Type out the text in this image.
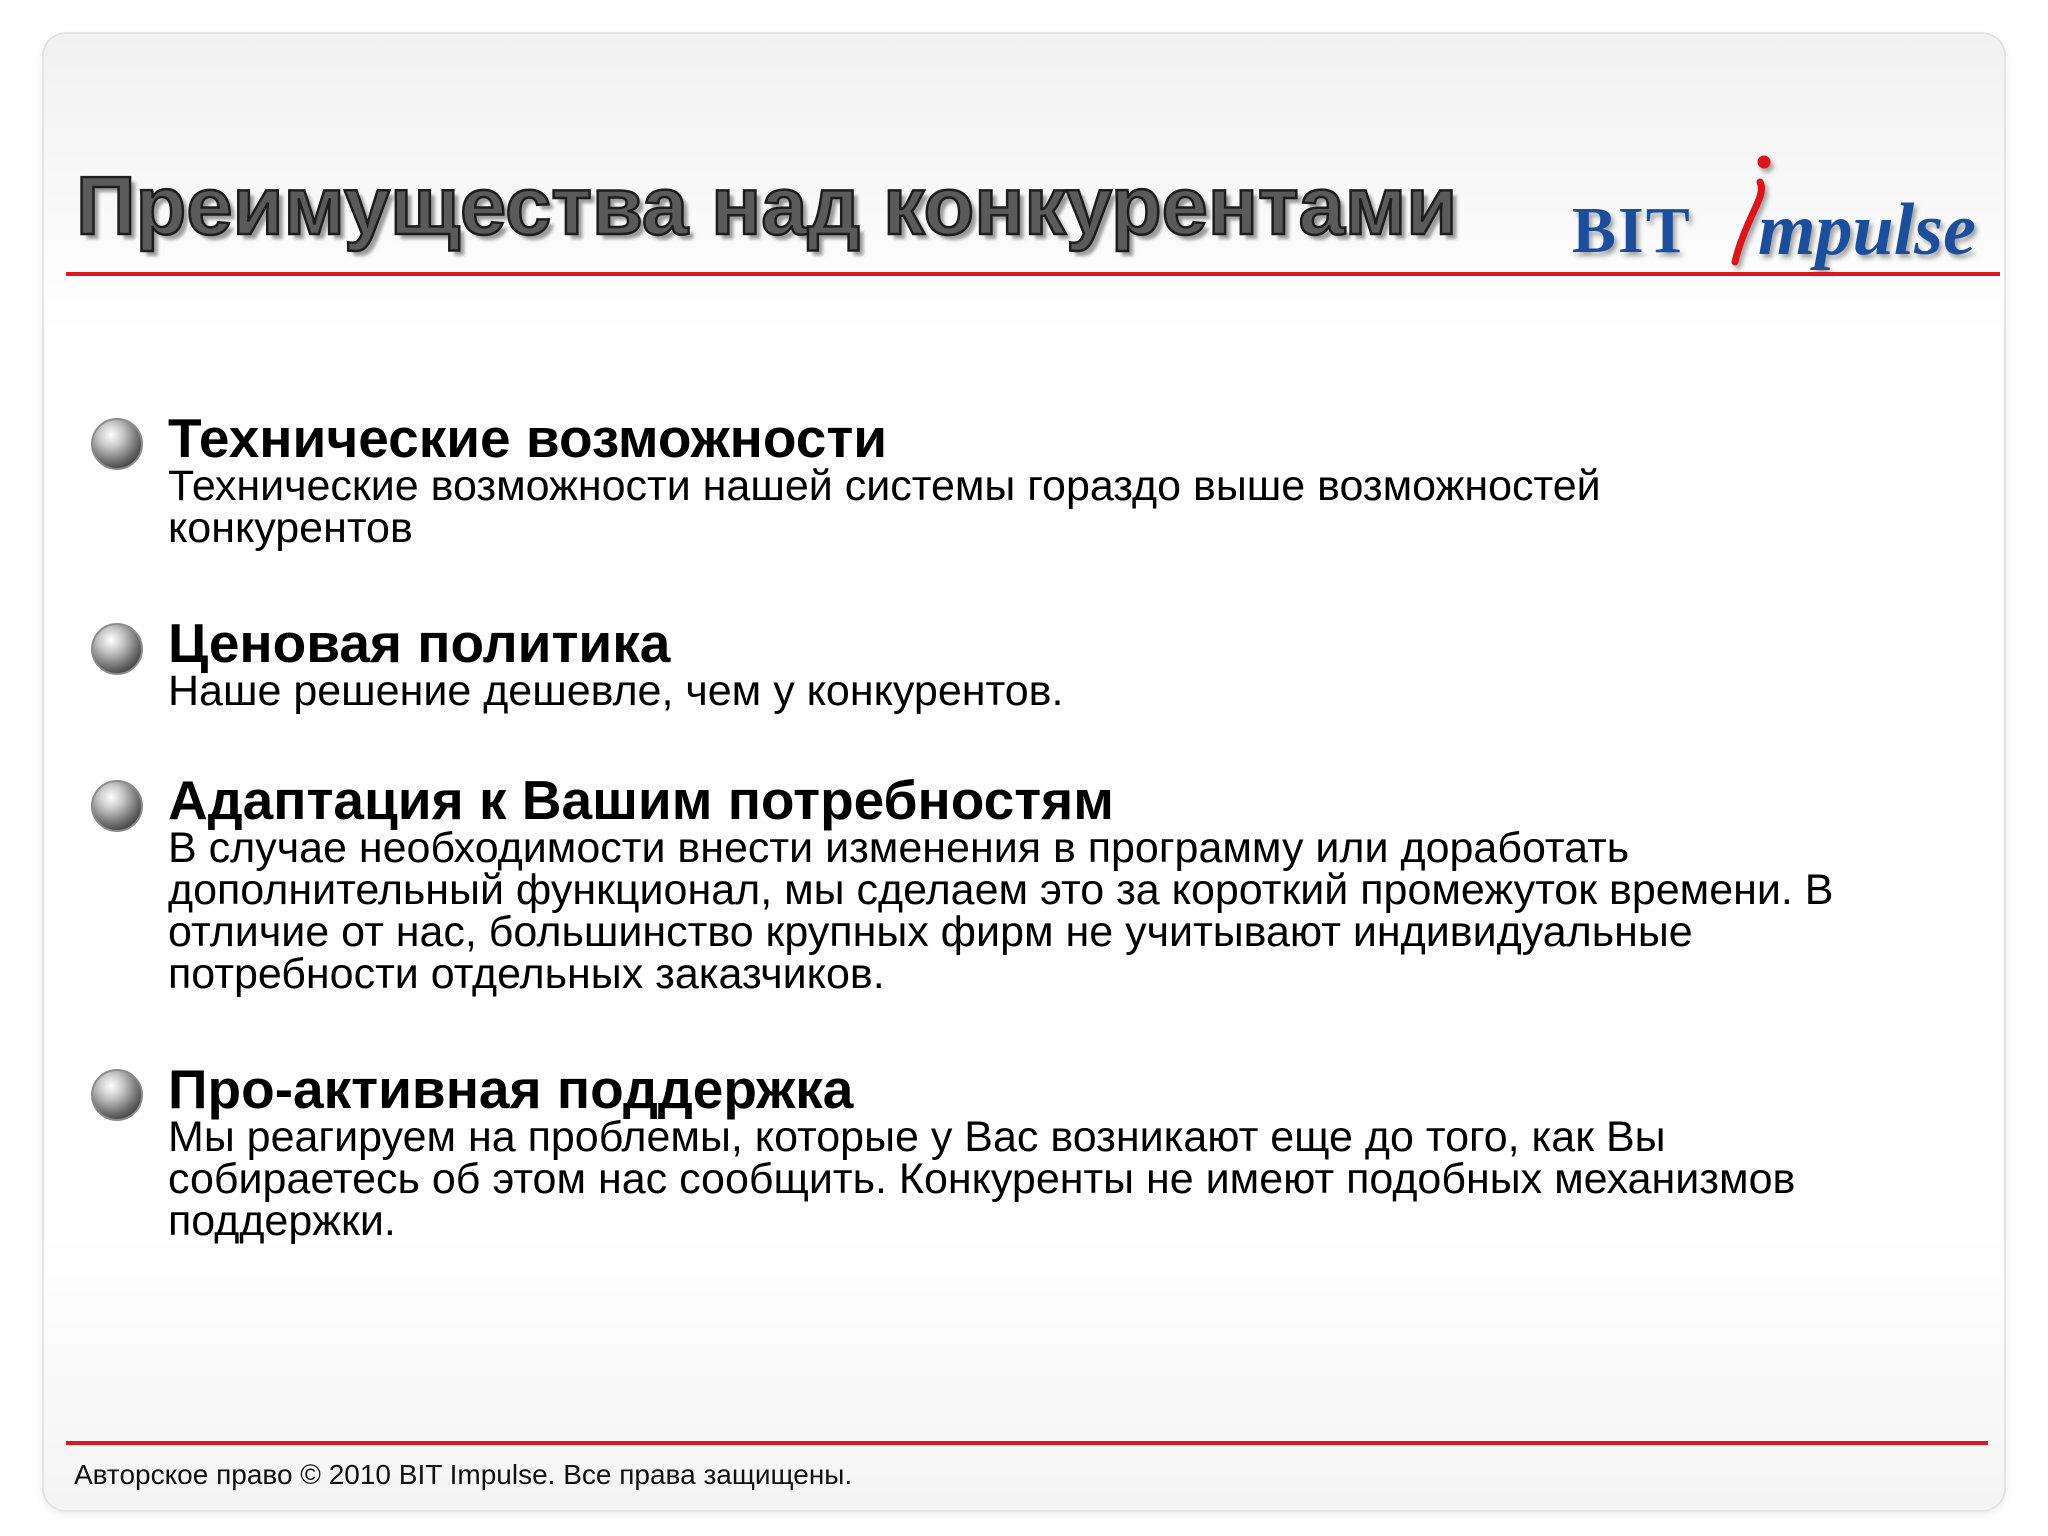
Преимущества над конкурентами BIT mpulse
Технические возможности

Технические возможности нашей системы гораздо выше возможностей конкурентов

Ценовая политика

Наше решение дешевле, чем у конкурентов.

Адаптация к Вашим потребностям

В случае необходимости внести изменения в программу или доработать дополнительный функционал, мы сделаем это за короткий промежуток времени. В отличие от нас, большинство крупных фирм не учитывают индивидуальные потребности отдельных заказчиков.

Про-активная поддержка

Мы реагируем на проблемы, которые у Вас возникают еще до того, как Вы собираетесь об этом нас сообщить. Конкуренты не имеют подобных механизмов поддержки.

Авторское право © 2010 BIT Impulse. Все права защищены.
